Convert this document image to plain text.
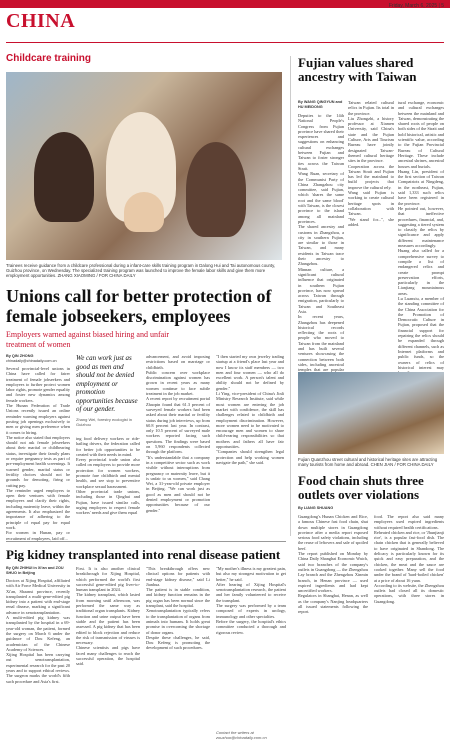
Friday, March 6, 2025 | 5
CHINA
Childcare training
Trainees receive guidance from a childcare professional during a infant-care skills training program in Dalong Hui and Tai autonomous county, Guizhou province, on Wednesday. The specialized training program was launched to improve the female labor skills and give them more employment opportunities. ZHANG XIAOMING / FOR CHINA DAILY
Unions call for better protection of female jobseekers, employees
Employers warned against biased hiring and unfair treatment of women
By QIN ZHONG
chinadaily@chinadaily.com.cn
Several provincial-level unions in China have called for fairer treatment of female jobseekers and employees to further protect women labor rights, promote gender equality and foster new dynamics among female workers.
The Hunan Federation of Trade Unions recently issued an online reminder warning employers against posting job openings exclusively to men or giving men preference when it comes to hiring.
The notice also stated that employers should not ask female jobseekers about their marital or childbearing status, investigate their family plans or require pregnancy tests as part of pre-employment health screenings. It warned gender, marital status or fertility choices should not be grounds for demoting, firing or cutting pay.
The reminder urged employers to open their ventures with female employees and clarify their rights, including maternity leave, within the agreements. It also emphasized the importance of adhering to the principle of equal pay for equal work.
For women in Hunan, pay or recruitment of employees, laid off...
We can work just as good as men and should not be denied employment or promotion opportunities because of our gender.
Zhang Wei, forestry ecologist in Guizhou
ing food delivery workers or ride-hailing drivers, the federation called for better job opportunities to be created with their needs in mind.
Every provincial trade union also called on employers to provide more protection for women workers, promote fare childbirth and mental health, and see stop to preventive workplace sexual harassment.
Other provincial trade unions, including those in Qinghai and Fujian, have issued similar calls, urging employers to respect female workers' needs and give them equal
advancement, and avoid imposing restrictions based on marriage or childbirth.
Public concern over workplace discrimination against women has grown in recent years as many women continue to face subtle treatment in the job market.
A recent report by recruitment portal Zhaopin found that 61.3 percent of surveyed female workers had been asked about their marital or fertility status during job interviews, up from 60.8 percent last year. In contrast, only 10.5 percent of surveyed male workers reported facing such questions. The findings were based on 5,960 respondents collected through the platform.
"It's understandable that a company in a competitive sector such as work visible without interruptions from pregnancy or maternity leave, but it is unfair to us women," said Chang Wei, a 31-year-old private employer in Beijing. "We can work just as good as men and should not be denied employment or promotion opportunities because of our gender."
"I then started my own jewelry trading startup at a friend's place last year and now I know its staff members — two men and four women — who all do excellent work. A person's talent and ability should not be defined by gender."
Li Ying, vice-president of China's Jinli Ministry Research Institute, said while most women are entering the job market with confidence, the skill has challenges related to childbirth and employment discrimination. However, more women need to be motivated to encourage men and women to share child-rearing responsibilities so that mothers and fathers all have fair opportunities.
"Companies should strengthen legal protection and help working women navigate the path," she said.
Fujian values shared ancestry with Taiwan
By WANG QINGYUN and HU MEIDONG
Deputies to the 14th National People's Congress from Fujian province have shared their experiences and suggestions on enhancing cultural exchanges between Fujian and Taiwan to foster stronger ties across the Taiwan Strait.
Wang Ruan, secretary of the Communist Party of China Zhangzhou city committee, said Fujian, which 'shares the same root and the same blood' with Taiwan, is the closest province to the island among all mainland provinces.
The shared ancestry and customs in Zhangzhou, a city in southern Fujian, are similar to those in Taiwan, and many residents in Taiwan trace their ancestry to Zhangzhou.
Minnan culture, a significant cultural influence that originated in southern Fujian province, has now spread across Taiwan through emigration, particularly to Taiwan and Southeast Asia.
In recent years, Zhangzhou has deepened historical records reflecting the roots of people who moved to Taiwan from the mainland and has built several ventures showcasing the connection between both sides, including ancestral temples that are popular

Taiwan related cultural relics in Fujian. Its total in the province.
Liu Zhongzhi, a history professor at Xiamen University, said China's state and the Fujian Culture, Arts and Tourism Bureau have jointly designated Taiwan-themed cultural heritage sites in the province.
Cooperation across the Taiwan Strait and Fujian has led the mainland to build projects that improve the cultural rely.
Wang said Fujian is working to create cultural heritage spots in collaboration with Taiwan.
"We stand for...", she added.
tural exchange, economic and cultural exchanges between the mainland and Taiwan, demonstrating the shared roots of people on both sides of the Strait and hold historical, artistic and scientific value, according to the Fujian Provincial Bureau of Cultural Heritage. These include ancestral shrines, ancestral houses and burials.
Huang Lin, president of the first section of Taiwan Compatriots at Ningdeng, in the northeast, Fujian, said 1,333 such relics have been registered in the province.
He pointed out, however, that ineffective procedures, financial, and, suggesting a tiered system to classify the relics by significance and apply different maintenance measures accordingly.
Huang also called for a comprehensive survey to compile a list of endangered relics and create prompt preservation efforts, particularly in the Lianjiang mountainous areas.
Lu Luanxiu, a member of the standing committee of the China Association for the Promotion of Democratic Culture in Fujian, proposed that the financial support for repairing the relics should be expanded through different channels, such as Internet platforms and public funds, so the owners of relics of historical interest may
Fujian Quanzhou street cultural and historical heritage sites are attracting many tourists from home and abroad. CHEN JIAN / FOR CHINA DAILY
Food chain shuts three outlets over violations
By LIANG SHUANG
Guangdong's Hunan Chicken and Rice, a famous Chinese fast food chain, shut down multiple stores in Guangdong province after a media report exposed serious food safety violations, including the reuse of leftovers and sale of spoiled beef.
The report published on Monday by China Daily Shanghai Economic Watch, said two branches of the company's outlets in Guangdong — the Zhengzhou Lay branch and the Zhengzhou Xinmin branch, in Henan province — used expired ingredients and had kept uncertified workers.
Regulators in Shanghai, Henan, as well as the company's Nanjing headquarters all issued statements following the report.
food. The report also said many employees used expired ingredients without required health certifications.
Reheated chicken and rice, or 'Jhunjianji rice', is a popular fast-food dish. The chain chicken that is generally believed to have originated in Shandong. The delicacy is particularly known for its quick and easy preparation, and the chicken, the meat and the sauce are cooked together. Many sell the food under the brand of 'hard-boiled chicken' at a price of about 16 yuan.
According to its website, the Zhengzhou outlets had closed all its domestic operations, with three stores in Guangdong.
Pig kidney transplanted into renal disease patient
By QIN ZHIHUI in Xi'an and ZOU SHUO in Beijing
Doctors at Xijing Hospital, affiliated with Air Force Medical University in Xi'an, Shaanxi province, recently transplanted a multi-gene-edited pig kidney into a patient with end-stage renal disease, marking a significant advance in xenotransplantation.
A multi-edited pig kidney was transplanted by the hospital in a 69-year-old woman, the patient, formed the surgery on March 6 under the guidance of Dou Kefeng, an academician of the Chinese Academy of Sciences.
Xijing Hospital has been carrying out xenotransplantation, experimental research for the past 20 years and to support ethical reviews. The surgeon marks the world's fifth such procedure and Asia's first.
First. It is also another clinical breakthrough for Xijing Hospital, which performed the world's first successful gene-edited pig liver-to-human transplant in 2024.
The kidney transplant, which lasted from morning until afternoon, was performed the same way as traditional organ transplants. Kidney function and urine output have been stable and the patient has been assessed. A pig kidney that has been edited to block rejection and reduce the risk of transmission of viruses is necessary.
Chinese scientists and pigs have faced many challenges to reach the successful operation, the hospital said.
"This breakthrough offers new clinical options for patients with end-stage kidney disease," said Li Jianhua.
The patient is in stable condition, and kidney function remains in the pig organ has been normal since the transplant, said the hospital.
Xenotransplantation typically refers to the transplantation of organs from animals into humans. It holds great promise in overcoming the shortage of donor organs.
Despite these challenges, he said, Dou Kefeng is promoting the development of such procedures.
"My mother's illness is my greatest pain, but also my strongest motivation to get better," he said.
After hearing of Xijing Hospital's xenotransplantation research, the patient and her family volunteered to receive the transplant.
The surgery was performed by a team composed of experts in urology, immunology and other specialties.
Before the surgery, the hospital's ethics committee conducted a thorough and rigorous review.
Contact the writers at zouzhuo@chinadaily.com.cn
